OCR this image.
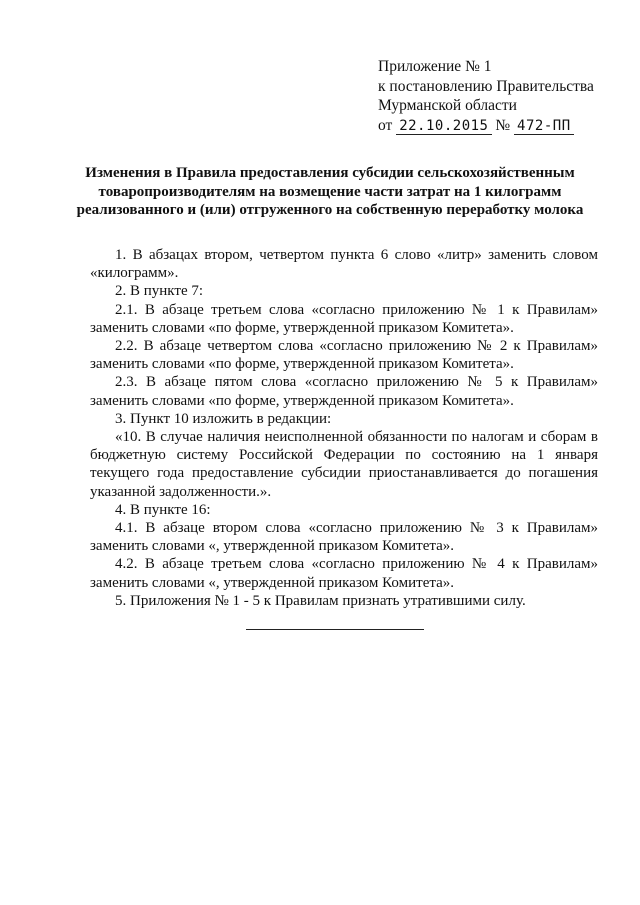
Приложение № 1
к постановлению Правительства
Мурманской области
от 22.10.2015 № 472-ПП
Изменения в Правила предоставления субсидии сельскохозяйственным
товаропроизводителям на возмещение части затрат на 1 килограмм
реализованного и (или) отгруженного на собственную переработку молока

1. В абзацах втором, четвертом пункта 6 слово «литр» заменить словом «килограмм».

2. В пункте 7:

2.1. В абзаце третьем слова «согласно приложению № 1 к Правилам» заменить словами «по форме, утвержденной приказом Комитета».

2.2. В абзаце четвертом слова «согласно приложению № 2 к Правилам» заменить словами «по форме, утвержденной приказом Комитета».

2.3. В абзаце пятом слова «согласно приложению № 5 к Правилам» заменить словами «по форме, утвержденной приказом Комитета».

3. Пункт 10 изложить в редакции:

«10. В случае наличия неисполненной обязанности по налогам и сборам в бюджетную систему Российской Федерации по состоянию на 1 января текущего года предоставление субсидии приостанавливается до погашения указанной задолженности.».

4. В пункте 16:

4.1. В абзаце втором слова «согласно приложению № 3 к Правилам» заменить словами «, утвержденной приказом Комитета».

4.2. В абзаце третьем слова «согласно приложению № 4 к Правилам» заменить словами «, утвержденной приказом Комитета».

5. Приложения № 1 - 5 к Правилам признать утратившими силу.
